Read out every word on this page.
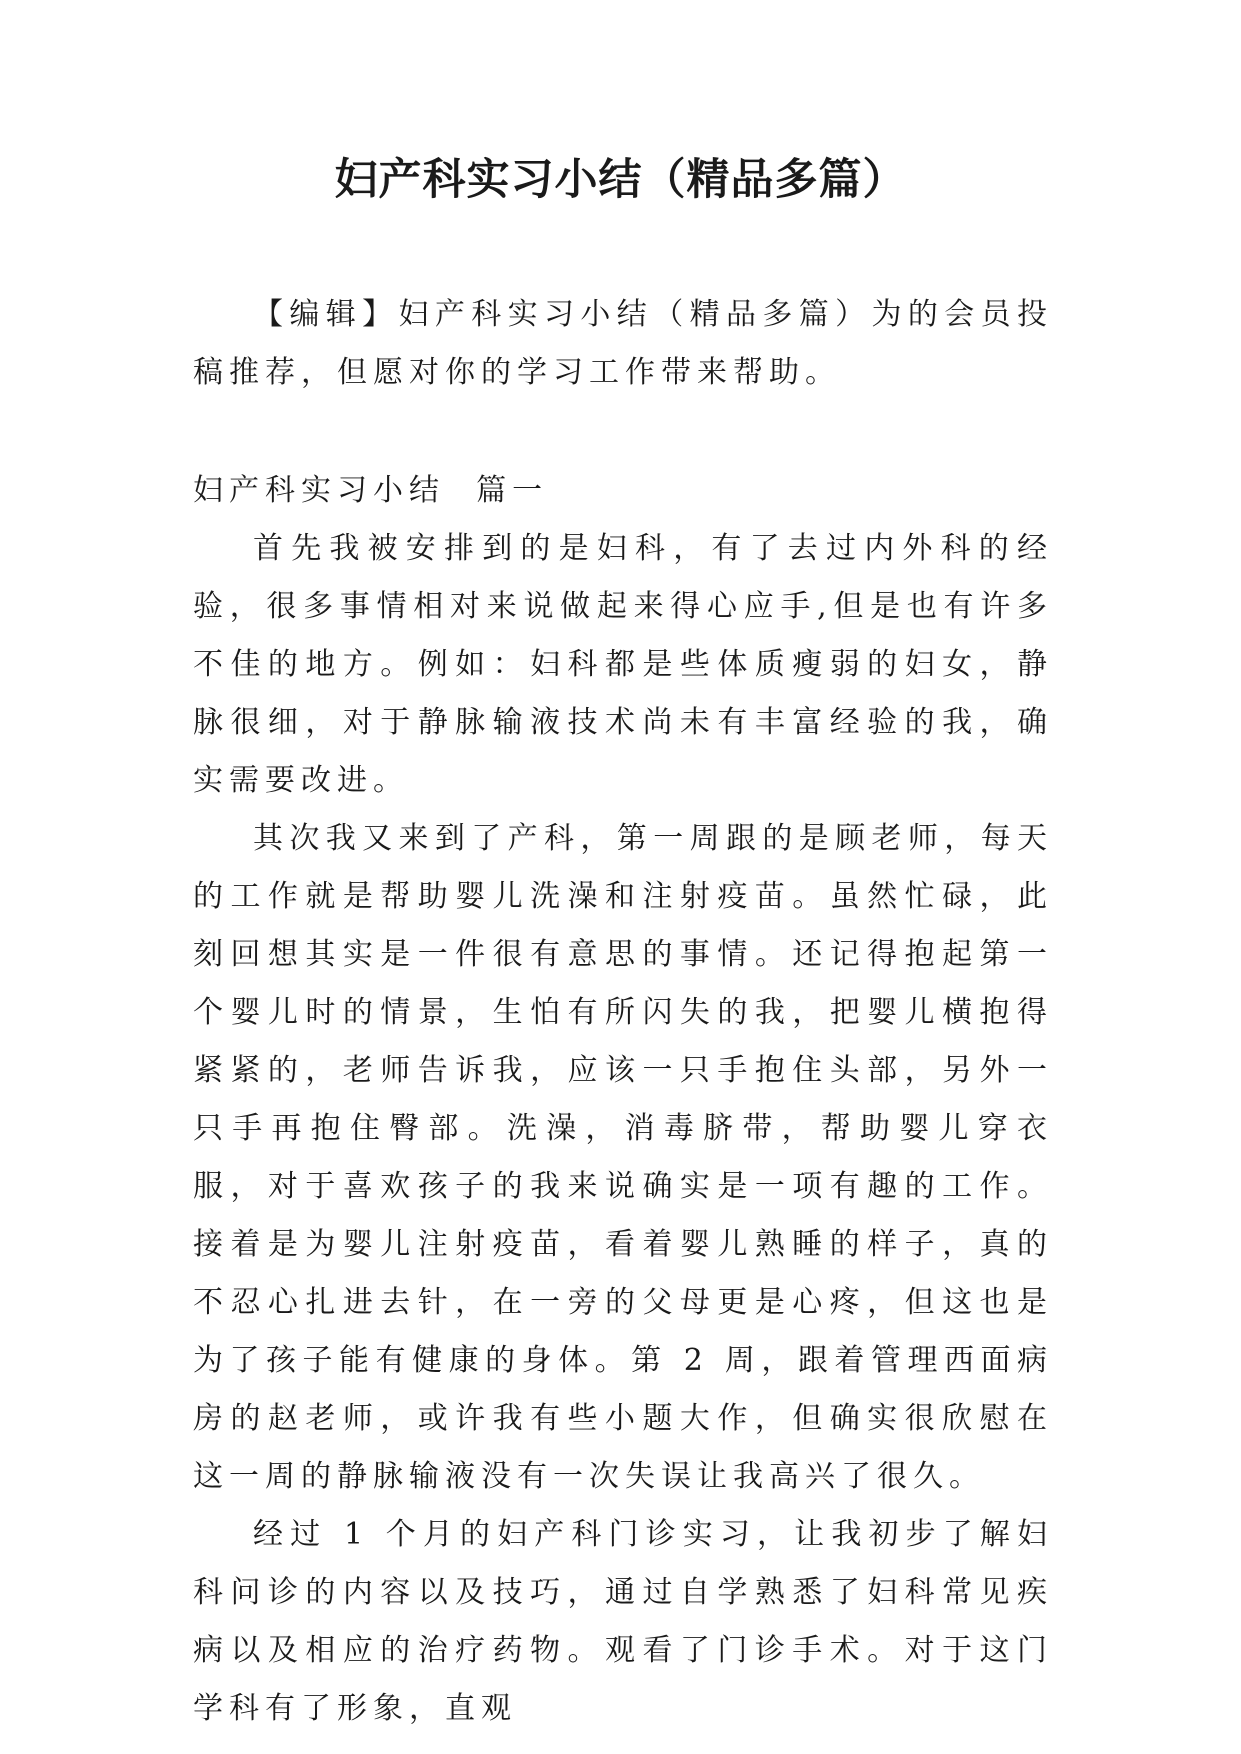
妇产科实习小结（精品多篇）

【编辑】妇产科实习小结（精品多篇）为的会员投稿推荐，但愿对你的学习工作带来帮助。

妇产科实习小结  篇一

首先我被安排到的是妇科，有了去过内外科的经验，很多事情相对来说做起来得心应手,但是也有许多不佳的地方。例如：妇科都是些体质瘦弱的妇女，静脉很细，对于静脉输液技术尚未有丰富经验的我，确实需要改进。

其次我又来到了产科，第一周跟的是顾老师，每天的工作就是帮助婴儿洗澡和注射疫苗。虽然忙碌，此刻回想其实是一件很有意思的事情。还记得抱起第一个婴儿时的情景，生怕有所闪失的我，把婴儿横抱得紧紧的，老师告诉我，应该一只手抱住头部，另外一只手再抱住臀部。洗澡，消毒脐带，帮助婴儿穿衣服，对于喜欢孩子的我来说确实是一项有趣的工作。接着是为婴儿注射疫苗，看着婴儿熟睡的样子，真的不忍心扎进去针，在一旁的父母更是心疼，但这也是为了孩子能有健康的身体。第 2 周，跟着管理西面病房的赵老师，或许我有些小题大作，但确实很欣慰在这一周的静脉输液没有一次失误让我高兴了很久。

经过 1 个月的妇产科门诊实习，让我初步了解妇科问诊的内容以及技巧，通过自学熟悉了妇科常见疾病以及相应的治疗药物。观看了门诊手术。对于这门学科有了形象，直观
